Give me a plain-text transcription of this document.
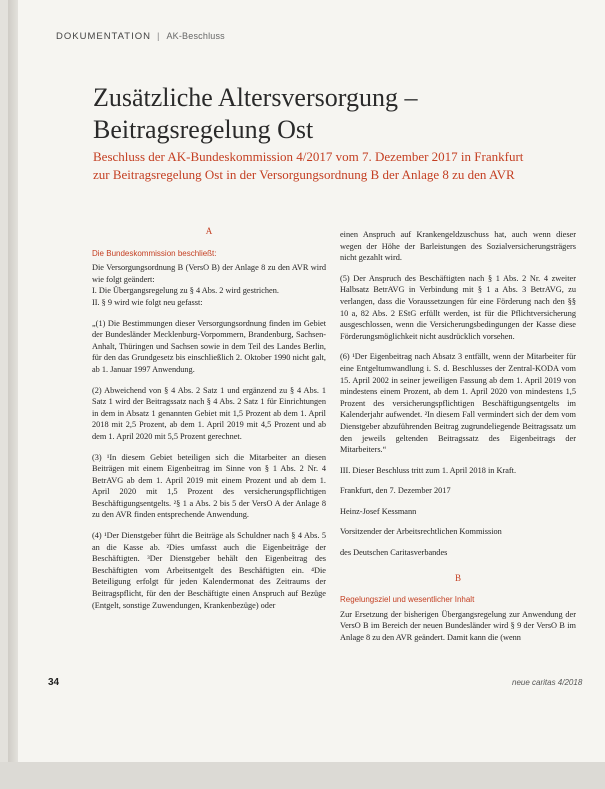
DOKUMENTATION | AK-Beschluss
Zusätzliche Altersversorgung –
Beitragsregelung Ost
Beschluss der AK-Bundeskommission 4/2017 vom 7. Dezember 2017 in Frankfurt
zur Beitragsregelung Ost in der Versorgungsordnung B der Anlage 8 zu den AVR
A
Die Bundeskommission beschließt:

Die Versorgungsordnung B (VersO B) der Anlage 8 zu den AVR wird wie folgt geändert:

I. Die Übergangsregelung zu § 4 Abs. 2 wird gestrichen.

II. § 9 wird wie folgt neu gefasst:

„(1) Die Bestimmungen dieser Versorgungsordnung finden im Gebiet der Bundesländer Mecklenburg-Vorpommern, Brandenburg, Sachsen-Anhalt, Thüringen und Sachsen sowie in dem Teil des Landes Berlin, für den das Grundgesetz bis einschließlich 2. Oktober 1990 nicht galt, ab 1. Januar 1997 Anwendung.

(2) Abweichend von § 4 Abs. 2 Satz 1 und ergänzend zu § 4 Abs. 1 Satz 1 wird der Beitragssatz nach § 4 Abs. 2 Satz 1 für Einrichtungen in dem in Absatz 1 genannten Gebiet mit 1,5 Prozent ab dem 1. April 2018 mit 2,5 Prozent, ab dem 1. April 2019 mit 4,5 Prozent und ab dem 1. April 2020 mit 5,5 Prozent gerechnet.

(3) ¹In diesem Gebiet beteiligen sich die Mitarbeiter an diesen Beiträgen mit einem Eigenbeitrag im Sinne von § 1 Abs. 2 Nr. 4 BetrAVG ab dem 1. April 2019 mit einem Prozent und ab dem 1. April 2020 mit 1,5 Prozent des versicherungspflichtigen Beschäftigungsentgelts. ²§ 1 a Abs. 2 bis 5 der VersO A der Anlage 8 zu den AVR finden entsprechende Anwendung.

(4) ¹Der Dienstgeber führt die Beiträge als Schuldner nach § 4 Abs. 5 an die Kasse ab. ²Dies umfasst auch die Eigenbeiträge der Beschäftigten. ³Der Dienstgeber behält den Eigenbeitrag des Beschäftigten vom Arbeitsentgelt des Beschäftigten ein. ⁴Die Beteiligung erfolgt für jeden Kalendermonat des Zeitraums der Beitragspflicht, für den der Beschäftigte einen Anspruch auf Bezüge (Entgelt, sonstige Zuwendungen, Krankenbezüge) oder

einen Anspruch auf Krankengeldzuschuss hat, auch wenn dieser wegen der Höhe der Barleistungen des Sozialversicherungsträgers nicht gezahlt wird.

(5) Der Anspruch des Beschäftigten nach § 1 Abs. 2 Nr. 4 zweiter Halbsatz BetrAVG in Verbindung mit § 1 a Abs. 3 BetrAVG, zu verlangen, dass die Voraussetzungen für eine Förderung nach den §§ 10 a, 82 Abs. 2 EStG erfüllt werden, ist für die Pflichtversicherung ausgeschlossen, wenn die Versicherungsbedingungen der Kasse diese Förderungsmöglichkeit nicht ausdrücklich vorsehen.

(6) ¹Der Eigenbeitrag nach Absatz 3 entfällt, wenn der Mitarbeiter für eine Entgeltumwandlung i. S. d. Beschlusses der Zentral-KODA vom 15. April 2002 in seiner jeweiligen Fassung ab dem 1. April 2019 von mindestens einem Prozent, ab dem 1. April 2020 von mindestens 1,5 Prozent des versicherungspflichtigen Beschäftigungsentgelts im Kalenderjahr aufwendet. ²In diesem Fall vermindert sich der dem vom Dienstgeber abzuführenden Beitrag zugrundeliegende Beitragssatz um den jeweils geltenden Beitragssatz des Eigenbeitrags der Mitarbeiters.“

III. Dieser Beschluss tritt zum 1. April 2018 in Kraft.

Frankfurt, den 7. Dezember 2017

Heinz-Josef Kessmann

Vorsitzender der Arbeitsrechtlichen Kommission

des Deutschen Caritasverbandes

B
Regelungsziel und wesentlicher Inhalt

Zur Ersetzung der bisherigen Übergangsregelung zur Anwendung der VersO B im Bereich der neuen Bundesländer wird § 9 der VersO B im Anlage 8 zu den AVR geändert. Damit kann die (wenn

34	neue caritas 4/2018
